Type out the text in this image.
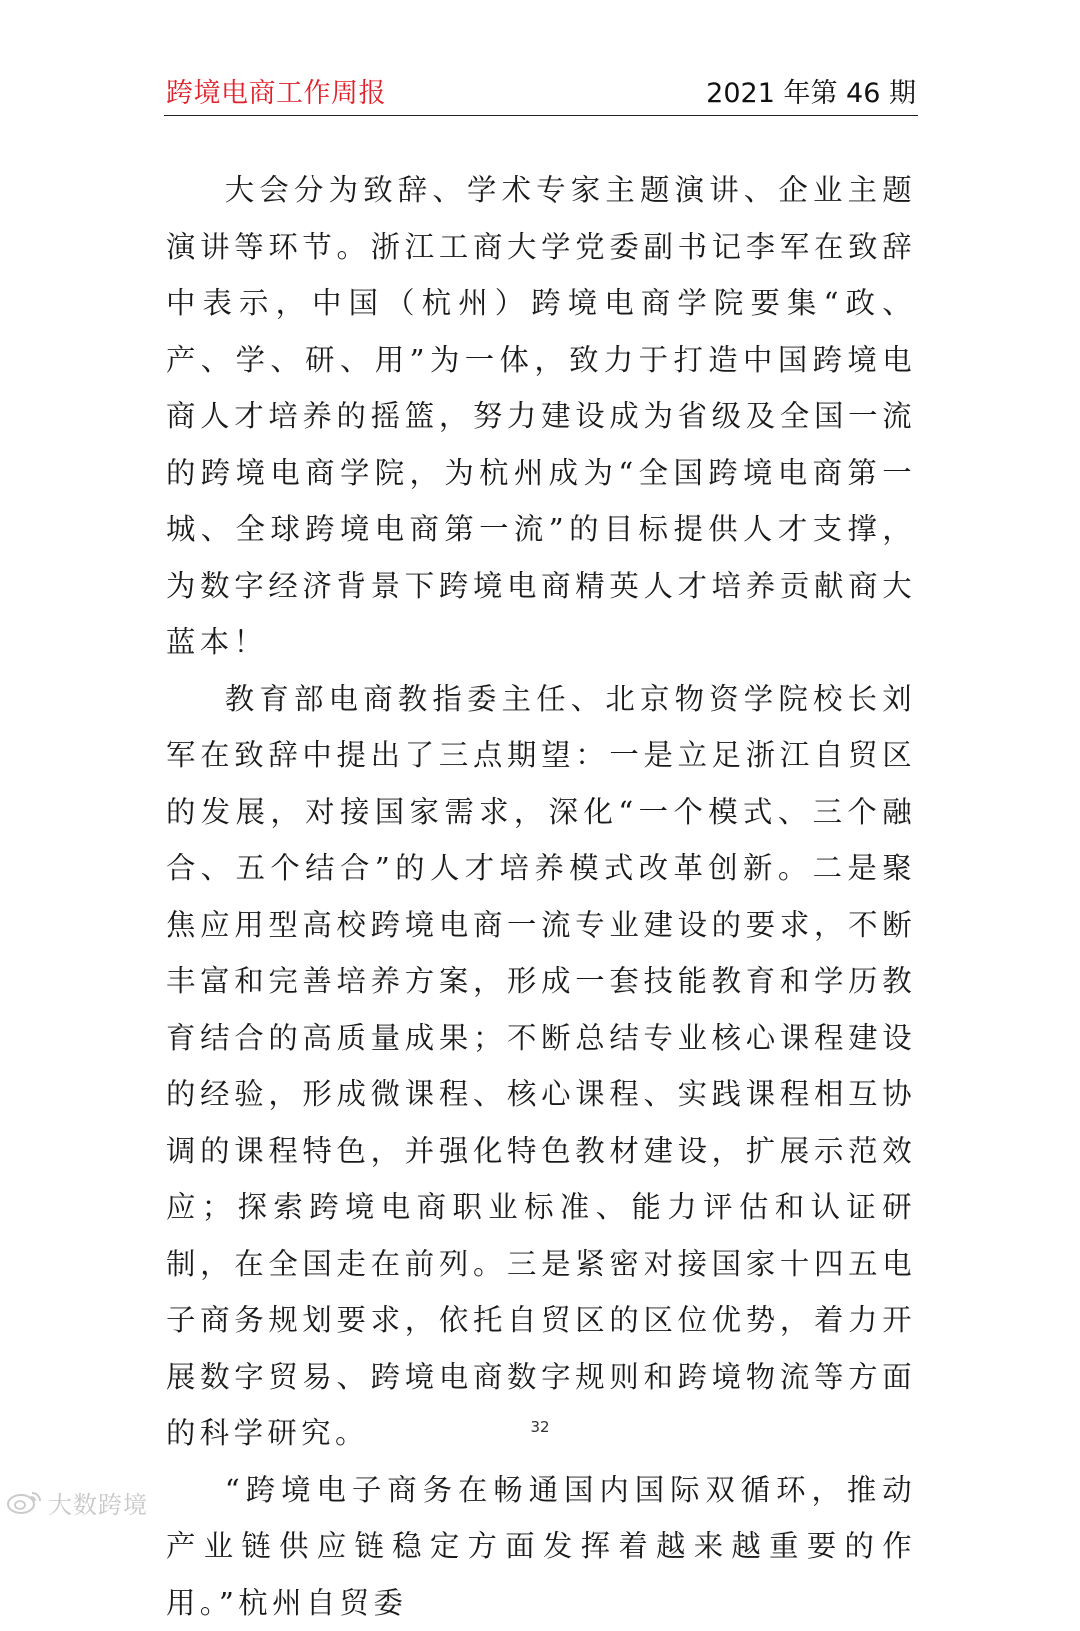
跨境电商工作周报	2021 年第 46 期

大会分为致辞、学术专家主题演讲、企业主题演讲等环节。浙江工商大学党委副书记李军在致辞中表示，中国（杭州）跨境电商学院要集“政、产、学、研、用”为一体，致力于打造中国跨境电商人才培养的摇篮，努力建设成为省级及全国一流的跨境电商学院，为杭州成为“全国跨境电商第一城、全球跨境电商第一流”的目标提供人才支撑，为数字经济背景下跨境电商精英人才培养贡献商大蓝本！

教育部电商教指委主任、北京物资学院校长刘军在致辞中提出了三点期望：一是立足浙江自贸区的发展，对接国家需求，深化“一个模式、三个融合、五个结合”的人才培养模式改革创新。二是聚焦应用型高校跨境电商一流专业建设的要求，不断丰富和完善培养方案，形成一套技能教育和学历教育结合的高质量成果；不断总结专业核心课程建设的经验，形成微课程、核心课程、实践课程相互协调的课程特色，并强化特色教材建设，扩展示范效应；探索跨境电商职业标准、能力评估和认证研制，在全国走在前列。三是紧密对接国家十四五电子商务规划要求，依托自贸区的区位优势，着力开展数字贸易、跨境电商数字规则和跨境物流等方面的科学研究。

“跨境电子商务在畅通国内国际双循环，推动产业链供应链稳定方面发挥着越来越重要的作用。”杭州自贸委

32
大数跨境
